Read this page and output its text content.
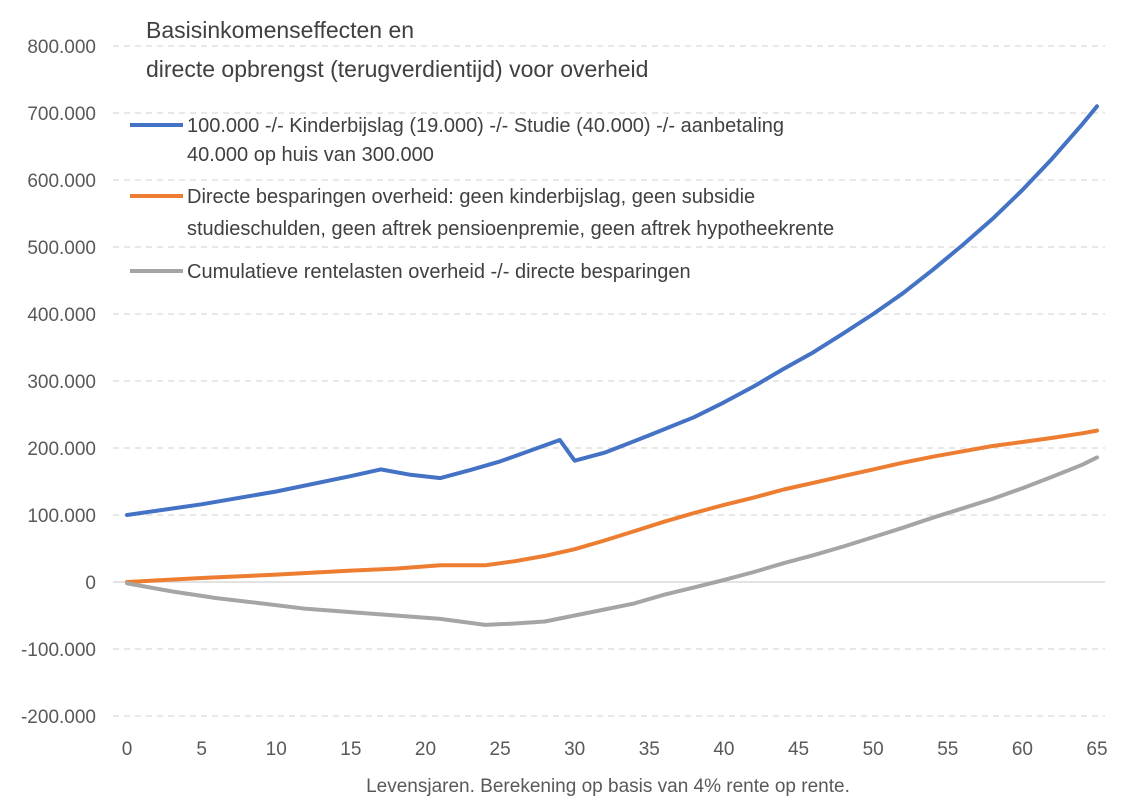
800.000
700.000
600.000
500.000
400.000
300.000
200.000
100.000
0
-100.000
-200.000
0	5	10	15	20	25	30	35	40	45	50	55	60	65
Basisinkomenseffecten en
directe opbrengst (terugverdientijd) voor overheid
100.000 -/- Kinderbijslag (19.000) -/- Studie (40.000) -/- aanbetaling
40.000 op huis van 300.000
Directe besparingen overheid: geen kinderbijslag, geen subsidie
studieschulden, geen aftrek pensioenpremie, geen aftrek hypotheekrente
Cumulatieve rentelasten overheid -/- directe besparingen
Levensjaren. Berekening op basis van 4% rente op rente.
